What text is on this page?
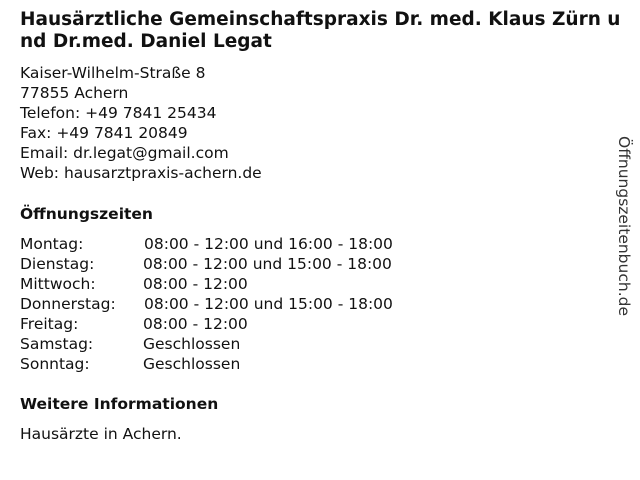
Hausärztliche Gemeinschaftspraxis Dr. med. Klaus Zürn und Dr.med. Daniel Legat
Kaiser-Wilhelm-Straße 8
77855 Achern
Telefon: +49 7841 25434
Fax: +49 7841 20849
Email: dr.legat@gmail.com
Web: hausarztpraxis-achern.de
Öffnungszeiten
Montag:	08:00 - 12:00 und 16:00 - 18:00
Dienstag:	08:00 - 12:00 und 15:00 - 18:00
Mittwoch:	08:00 - 12:00
Donnerstag:	08:00 - 12:00 und 15:00 - 18:00
Freitag:	08:00 - 12:00
Samstag:	Geschlossen
Sonntag:	Geschlossen
Weitere Informationen
Hausärzte in Achern.
Öffnungszeitenbuch.de
